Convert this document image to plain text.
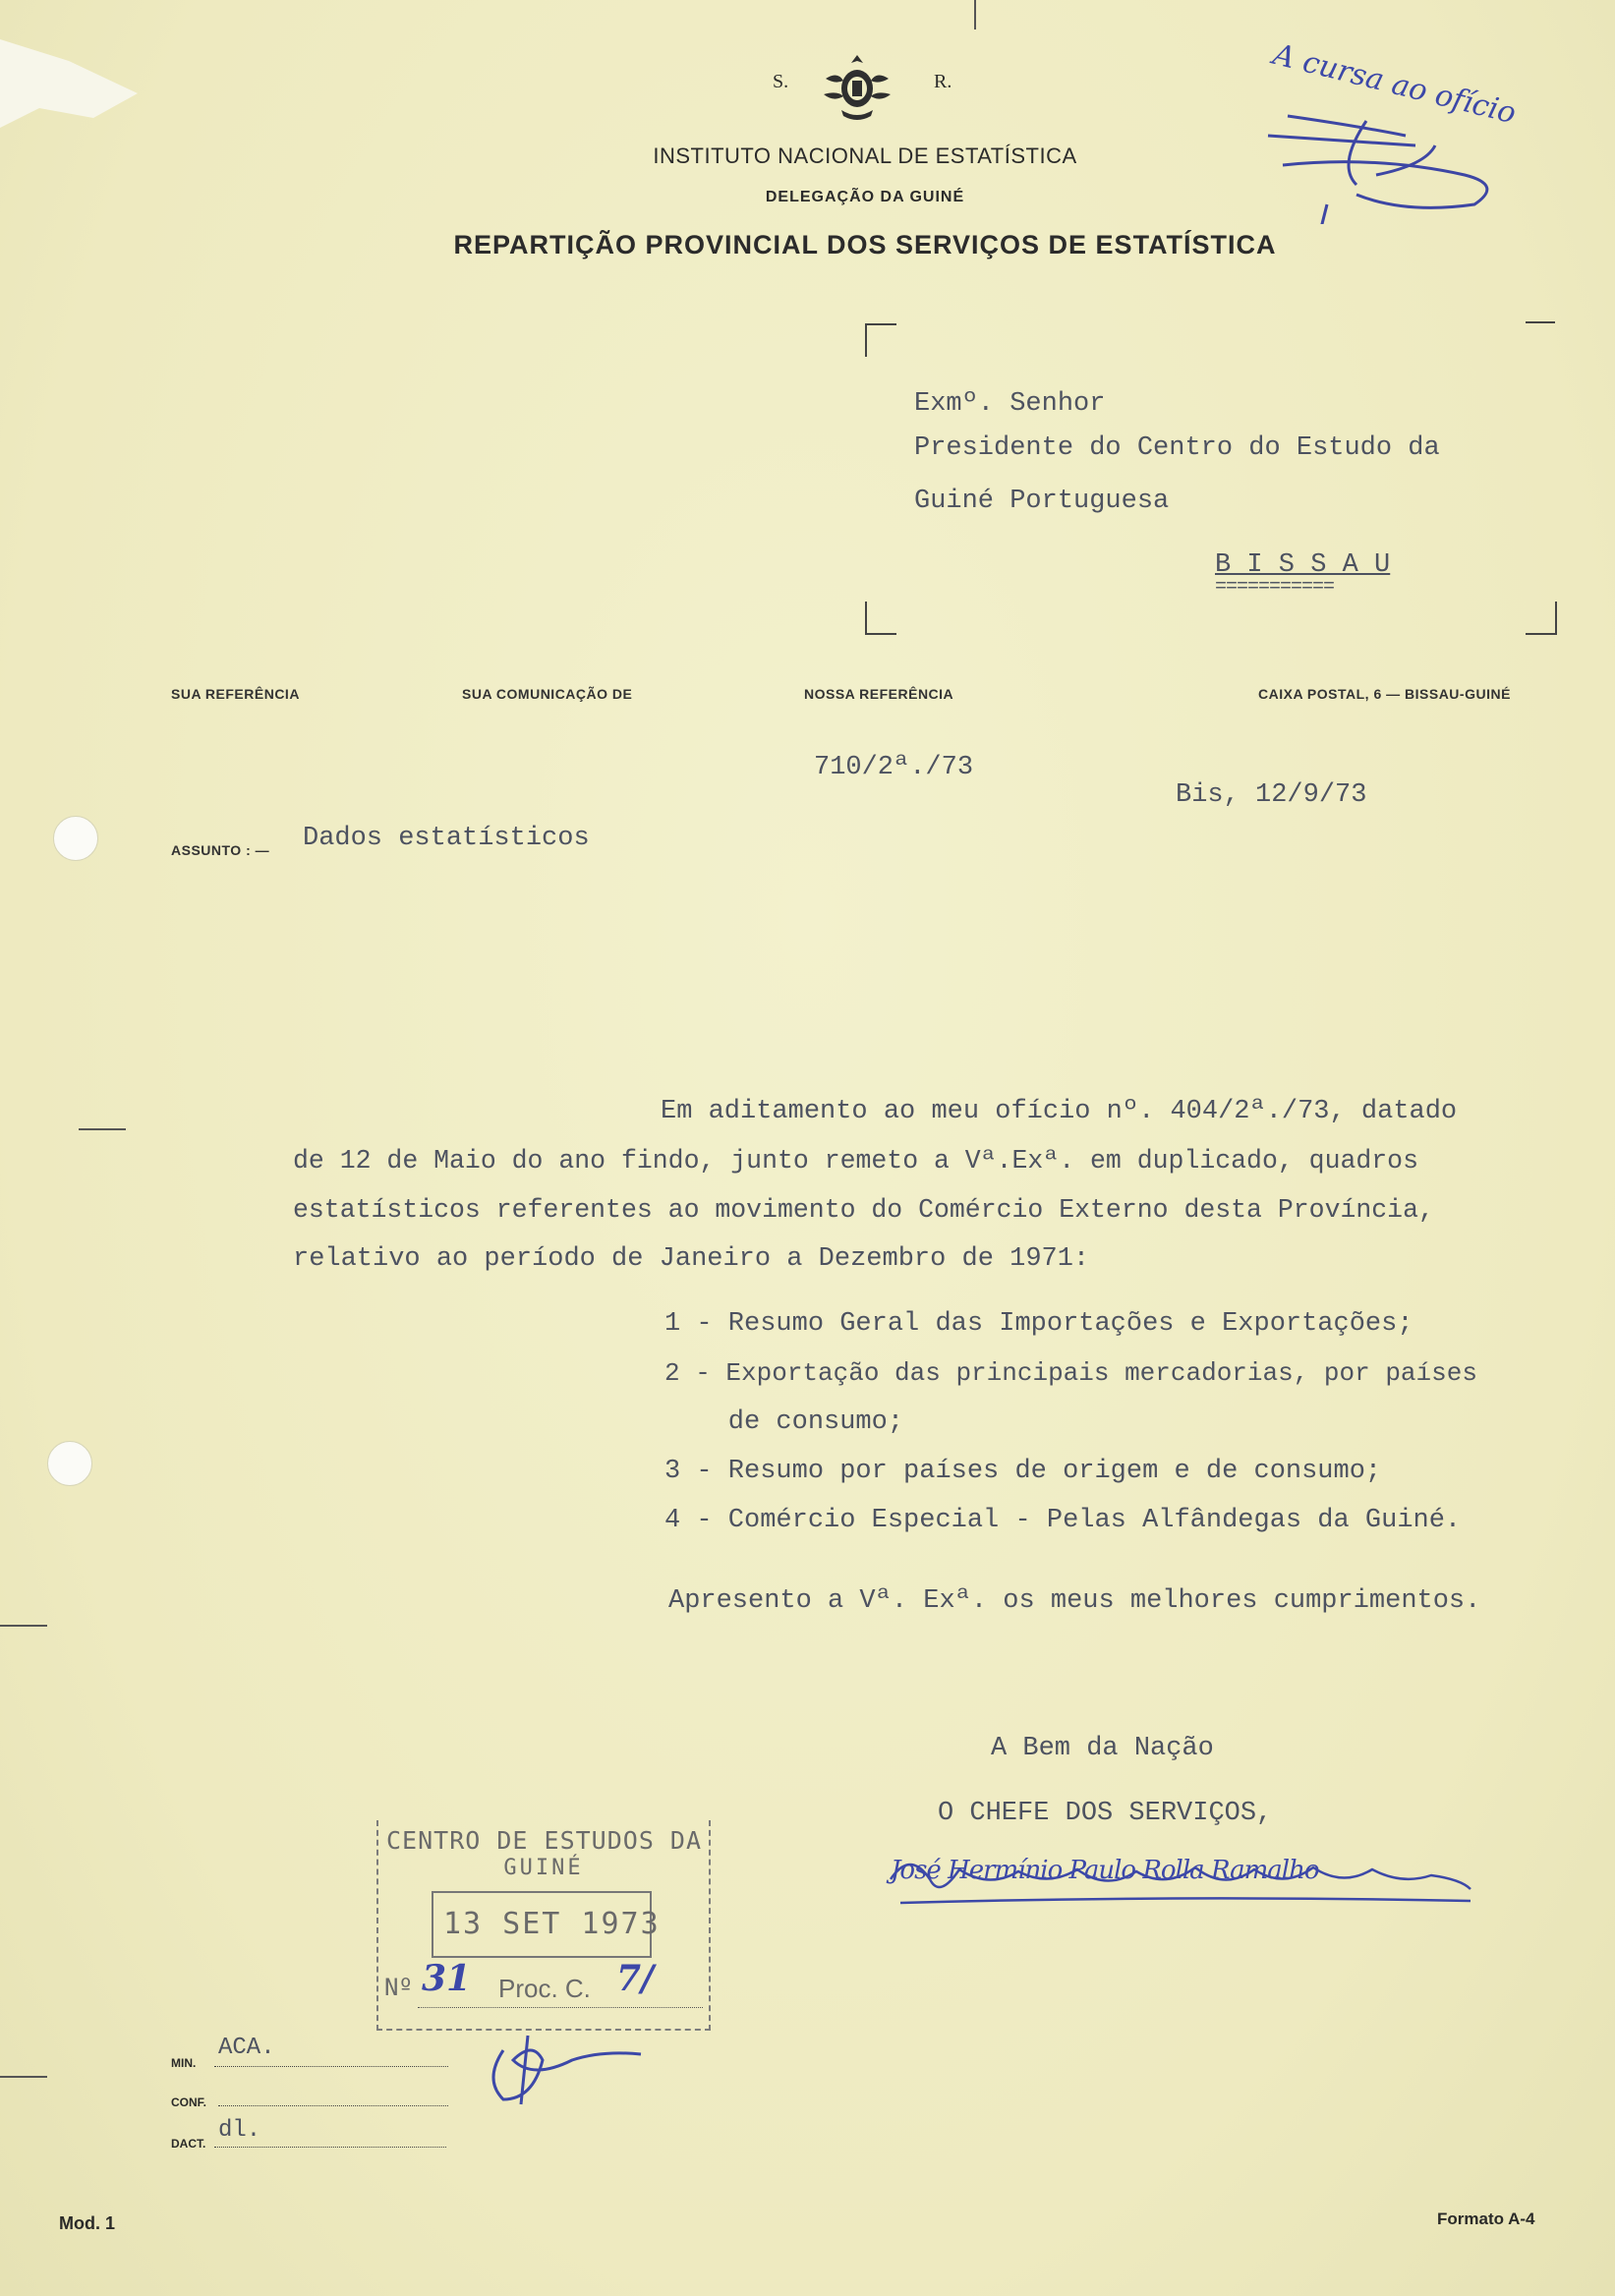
S.	R.
INSTITUTO NACIONAL DE ESTATÍSTICA
DELEGAÇÃO DA GUINÉ
REPARTIÇÃO PROVINCIAL DOS SERVIÇOS DE ESTATÍSTICA
A cursa ao ofício
Exmº. Senhor
Presidente do Centro do Estudo da
Guiné Portuguesa
B I S S A U
===========
SUA REFERÊNCIA	SUA COMUNICAÇÃO DE	NOSSA REFERÊNCIA	CAIXA POSTAL, 6 — BISSAU-GUINÉ
710/2ª./73
Bis, 12/9/73
ASSUNTO : — Dados estatísticos
Em aditamento ao meu ofício nº. 404/2ª./73, datado
de 12 de Maio do ano findo, junto remeto a Vª.Exª. em duplicado, quadros
estatísticos referentes ao movimento do Comércio Externo desta Província,
relativo ao período de Janeiro a Dezembro de 1971:
1 - Resumo Geral das Importações e Exportações;
2 - Exportação das principais mercadorias, por países
de consumo;
3 - Resumo por países de origem e de consumo;
4 - Comércio Especial - Pelas Alfândegas da Guiné.
Apresento a Vª. Exª. os meus melhores cumprimentos.
A Bem da Nação
O CHEFE DOS SERVIÇOS,
José Hermínio Paulo Rolla Ramalho
CENTRO DE ESTUDOS DA
GUINÉ
13 SET 1973
Nº 31 Proc. C. 7/
MIN.
ACA.
CONF.
DACT. dl.
Mod. 1	Formato A-4
